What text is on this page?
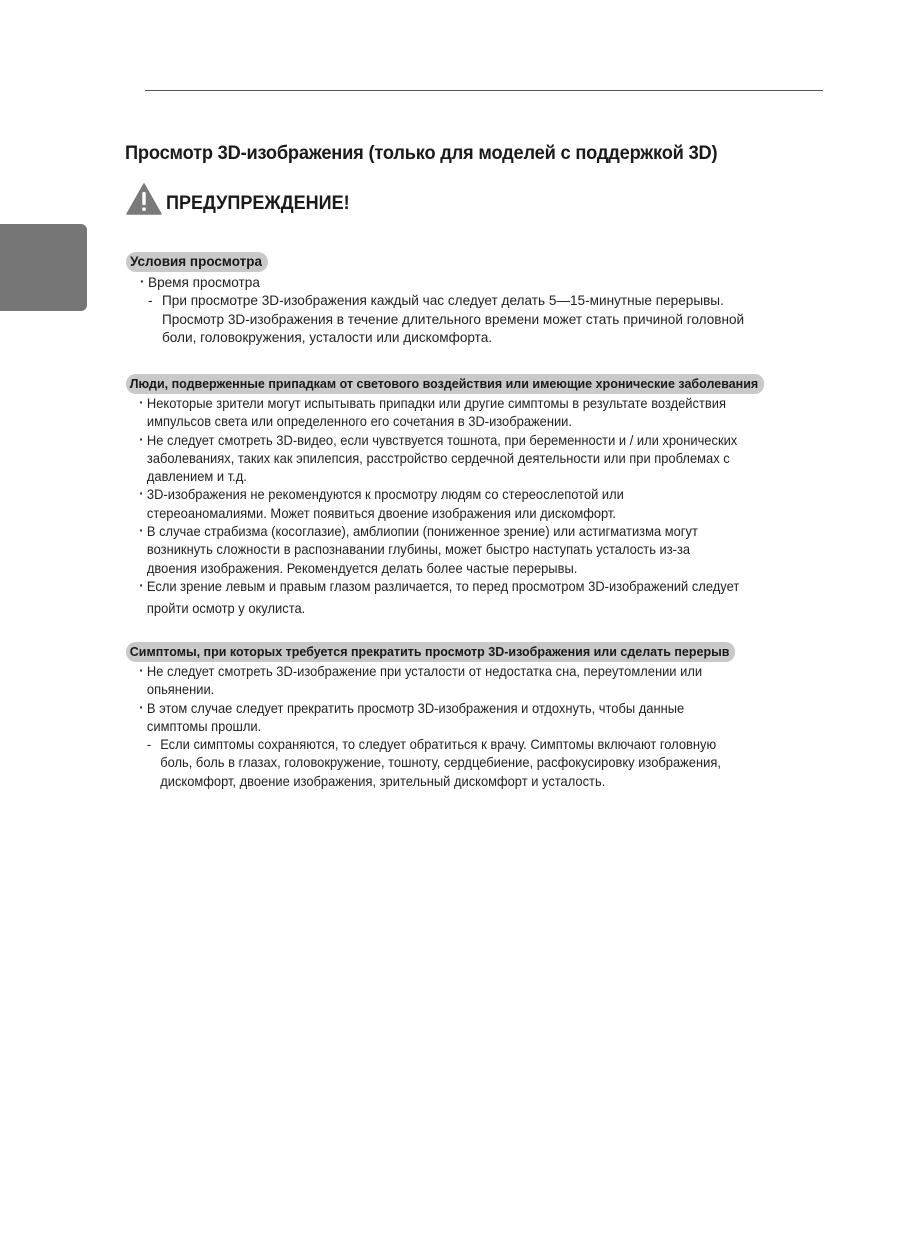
Просмотр 3D-изображения (только для моделей с поддержкой 3D)
ПРЕДУПРЕЖДЕНИЕ!
Условия просмотра
· Время просмотра
- При просмотре 3D-изображения каждый час следует делать 5—15-минутные перерывы.
Просмотр 3D-изображения в течение длительного времени может стать причиной головной
боли, головокружения, усталости или дискомфорта.
Люди, подверженные припадкам от светового воздействия или имеющие хронические заболевания
· Некоторые зрители могут испытывать припадки или другие симптомы в результате воздействия
импульсов света или определенного его сочетания в 3D-изображении.
· Не следует смотреть 3D-видео, если чувствуется тошнота, при беременности и / или хронических
заболеваниях, таких как эпилепсия, расстройство сердечной деятельности или при проблемах с
давлением и т.д.
· 3D-изображения не рекомендуются к просмотру людям со стереослепотой или
стереоаномалиями. Может появиться двоение изображения или дискомфорт.
· В случае страбизма (косоглазие), амблиопии (пониженное зрение) или астигматизма могут
возникнуть сложности в распознавании глубины, может быстро наступать усталость из-за
двоения изображения. Рекомендуется делать более частые перерывы.
· Если зрение левым и правым глазом различается, то перед просмотром 3D-изображений следует
пройти осмотр у окулиста.
Симптомы, при которых требуется прекратить просмотр 3D-изображения или сделать перерыв
· Не следует смотреть 3D-изображение при усталости от недостатка сна, переутомлении или
опьянении.
· В этом случае следует прекратить просмотр 3D-изображения и отдохнуть, чтобы данные
симптомы прошли.
- Если симптомы сохраняются, то следует обратиться к врачу. Симптомы включают головную
боль, боль в глазах, головокружение, тошноту, сердцебиение, расфокусировку изображения,
дискомфорт, двоение изображения, зрительный дискомфорт и усталость.
